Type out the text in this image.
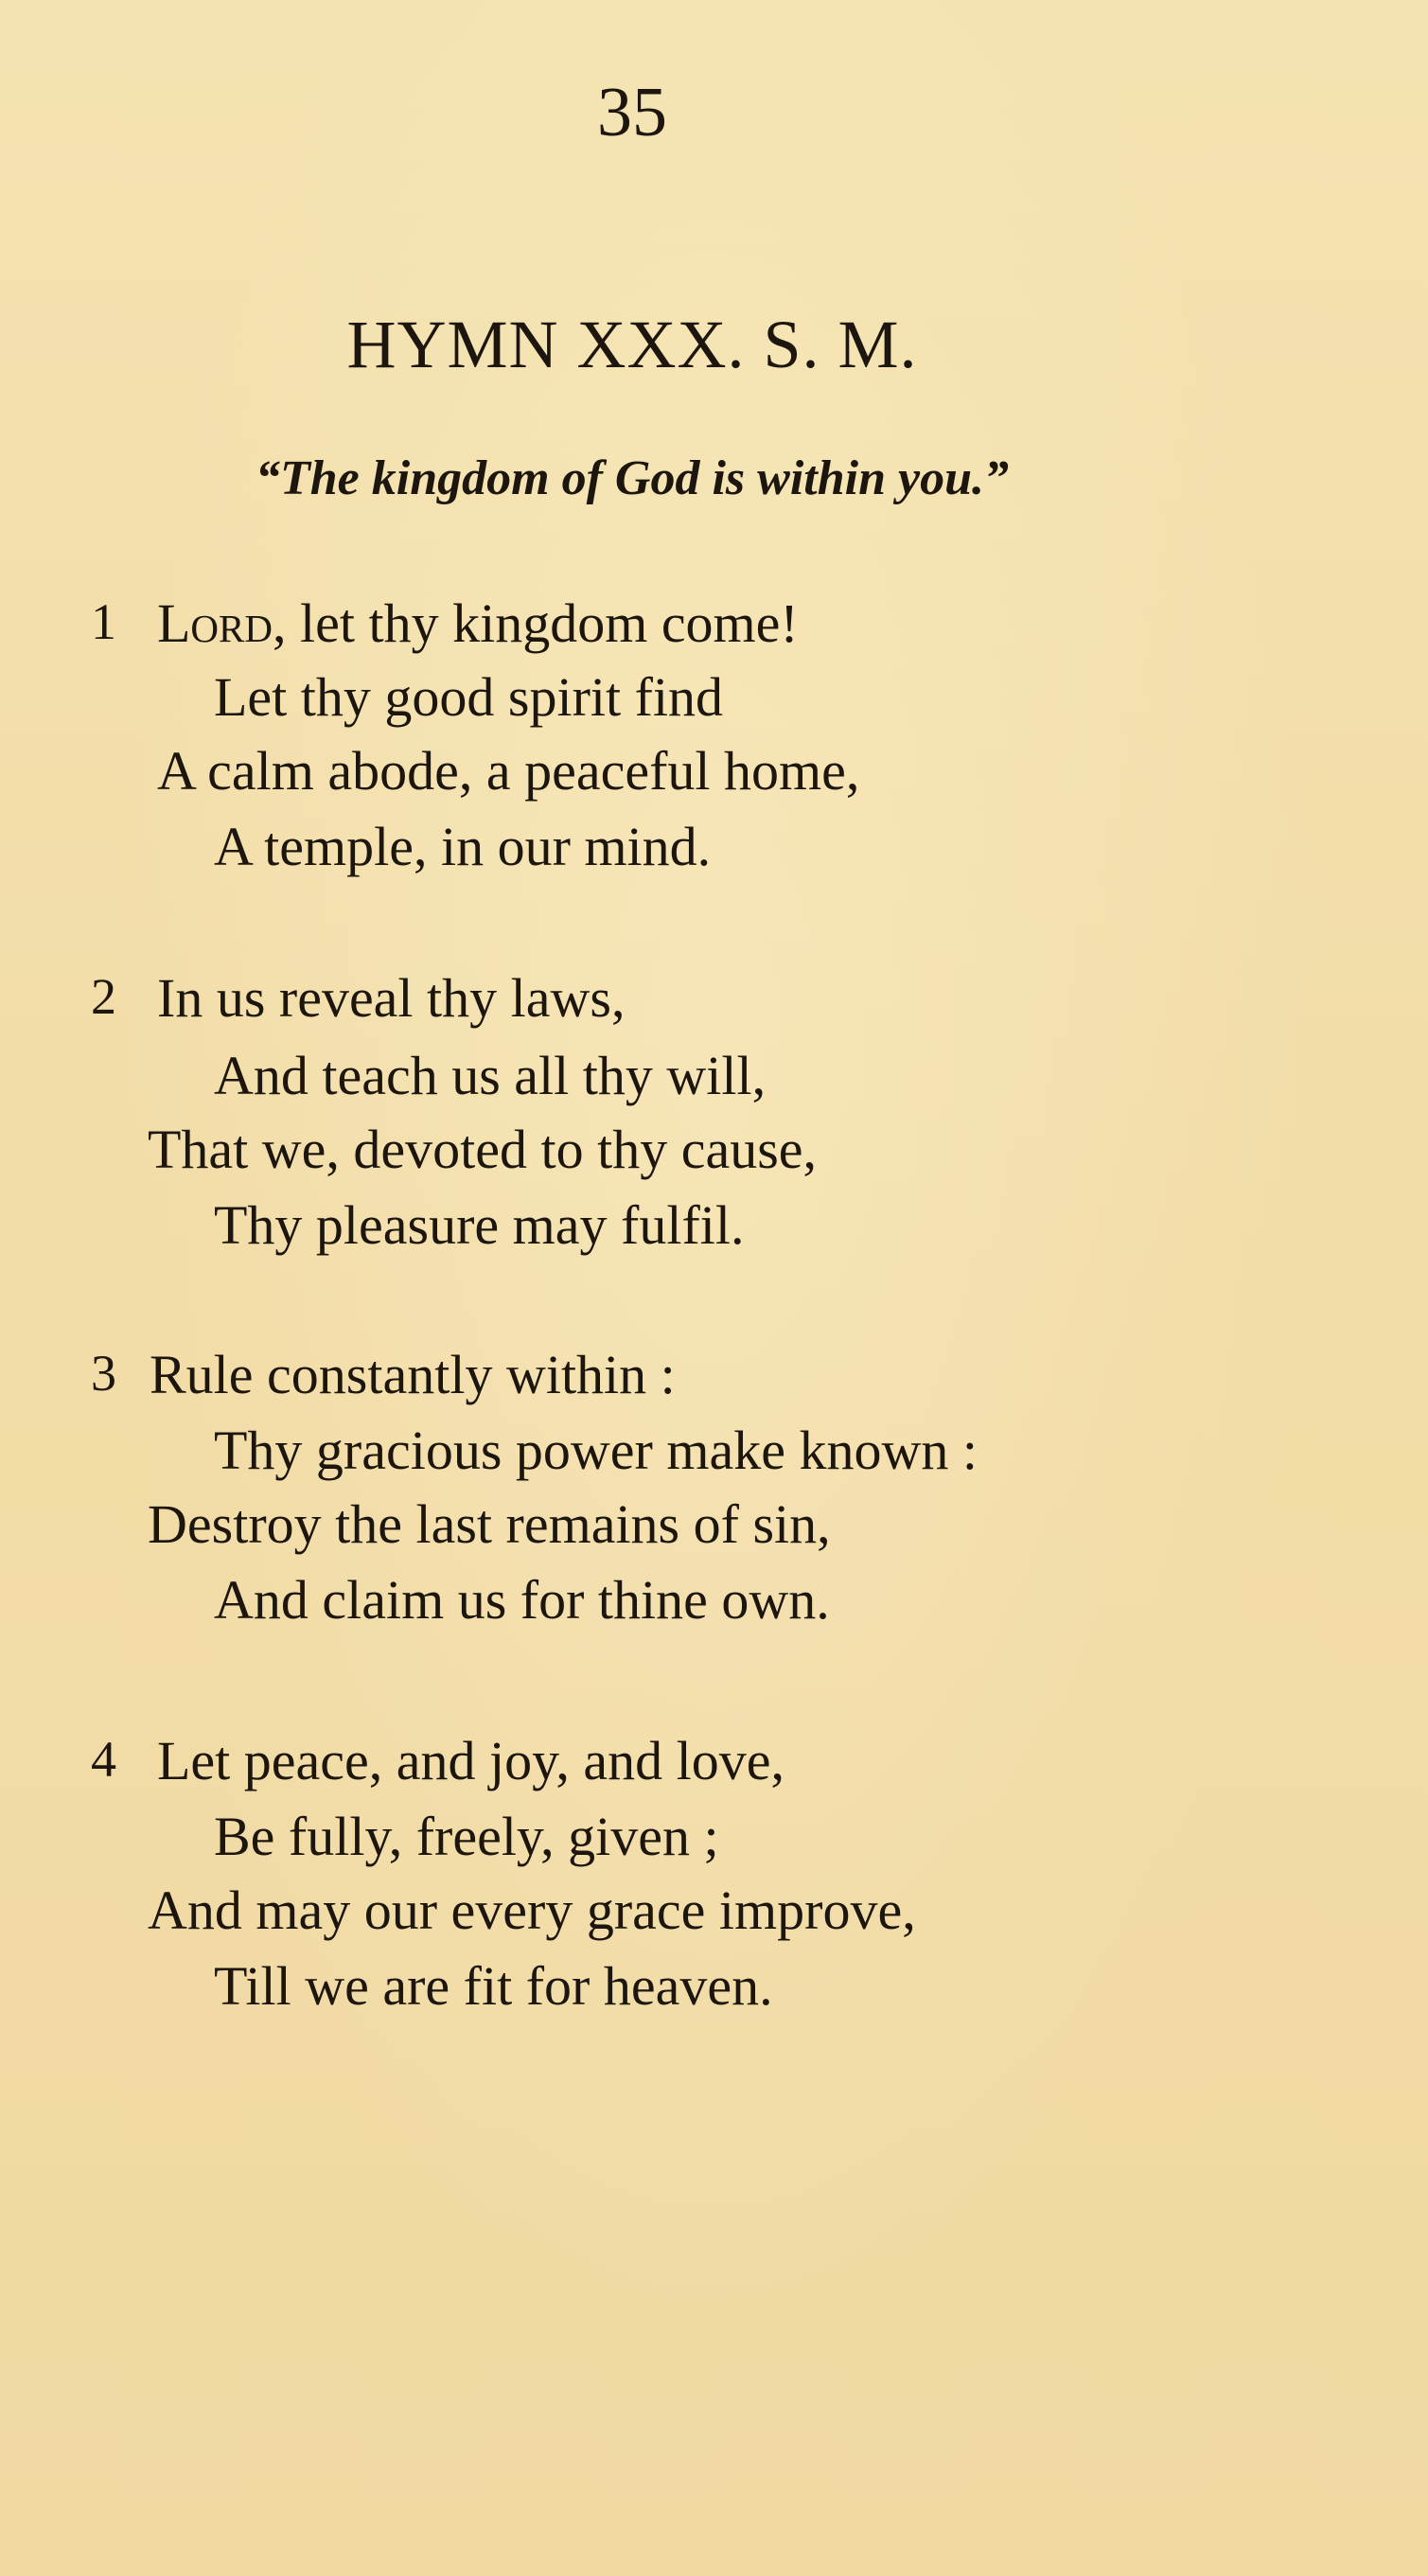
35
HYMN XXX. S. M.
“The kingdom of God is within you.”
1 Lord, let thy kingdom come!
Let thy good spirit find
A calm abode, a peaceful home,
A temple, in our mind.
2 In us reveal thy laws,
And teach us all thy will,
That we, devoted to thy cause,
Thy pleasure may fulfil.
3 Rule constantly within :
Thy gracious power make known :
Destroy the last remains of sin,
And claim us for thine own.
4 Let peace, and joy, and love,
Be fully, freely, given ;
And may our every grace improve,
Till we are fit for heaven.
